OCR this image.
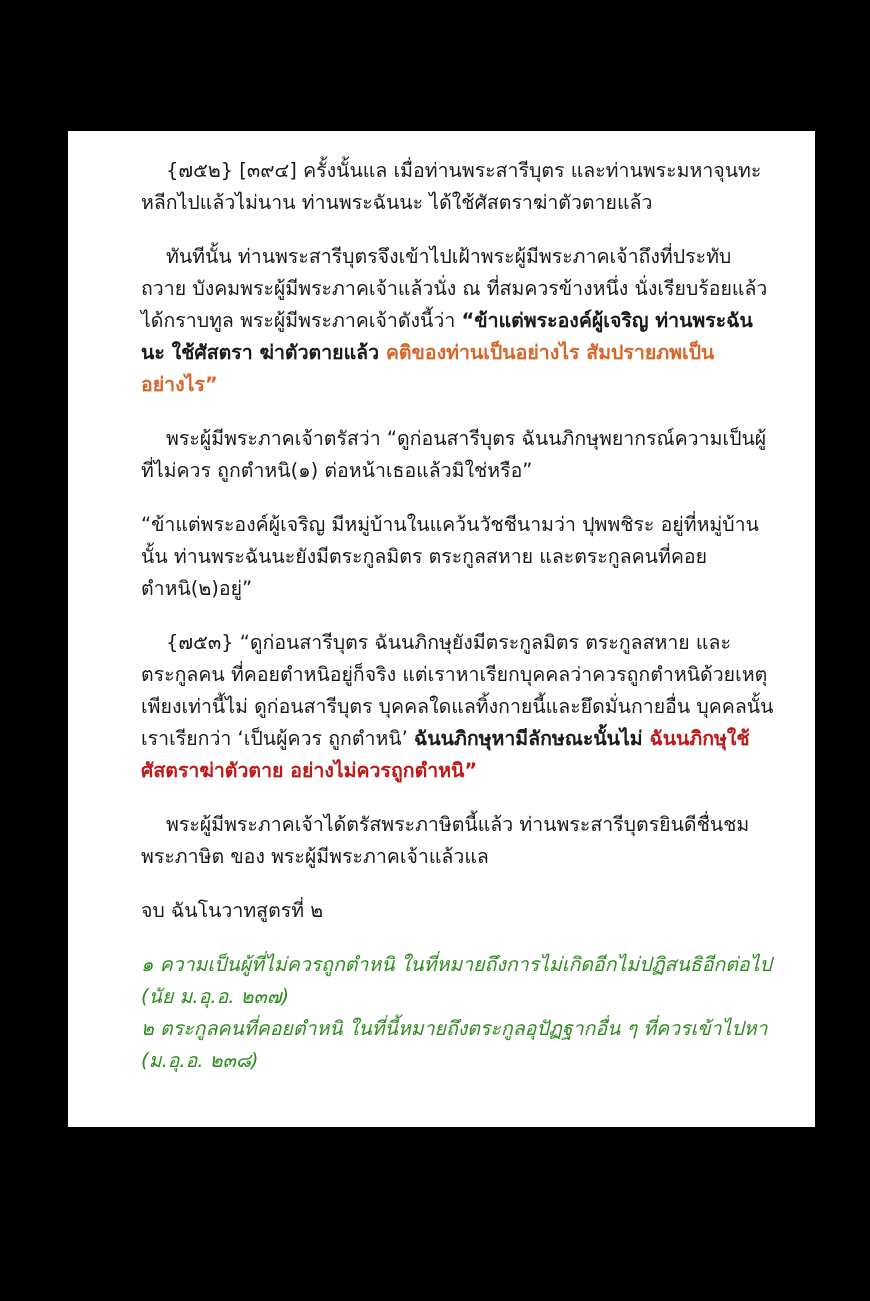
{๗๕๒} [๓๙๔] ครั้งนั้นแล เมื่อท่านพระสารีบุตร และท่านพระมหาจุนทะหลีกไปแล้วไม่นาน ท่านพระฉันนะ ได้ใช้ศัสตราฆ่าตัวตายแล้ว

ทันทีนั้น ท่านพระสารีบุตรจึงเข้าไปเฝ้าพระผู้มีพระภาคเจ้าถึงที่ประทับ ถวาย บังคมพระผู้มีพระภาคเจ้าแล้วนั่ง ณ ที่สมควรข้างหนึ่ง นั่งเรียบร้อยแล้ว ได้กราบทูล พระผู้มีพระภาคเจ้าดังนี้ว่า “ข้าแต่พระองค์ผู้เจริญ ท่านพระฉันนะ ใช้ศัสตรา ฆ่าตัวตายแล้ว คติของท่านเป็นอย่างไร สัมปรายภพเป็นอย่างไร”

พระผู้มีพระภาคเจ้าตรัสว่า “ดูก่อนสารีบุตร ฉันนภิกษุพยากรณ์ความเป็นผู้ที่ไม่ควร ถูกตำหนิ(๑) ต่อหน้าเธอแล้วมิใช่หรือ”

“ข้าแต่พระองค์ผู้เจริญ มีหมู่บ้านในแคว้นวัชชีนามว่า ปุพพชิระ อยู่ที่หมู่บ้านนั้น ท่านพระฉันนะยังมีตระกูลมิตร ตระกูลสหาย และตระกูลคนที่คอยตำหนิ(๒)อยู่”

{๗๕๓} “ดูก่อนสารีบุตร ฉันนภิกษุยังมีตระกูลมิตร ตระกูลสหาย และตระกูลคน ที่คอยตำหนิอยู่ก็จริง แต่เราหาเรียกบุคคลว่าควรถูกตำหนิด้วยเหตุเพียงเท่านี้ไม่ ดูก่อนสารีบุตร บุคคลใดแลทิ้งกายนี้และยึดมั่นกายอื่น บุคคลนั้นเราเรียกว่า ‘เป็นผู้ควร ถูกตำหนิ’ ฉันนภิกษุหามีลักษณะนั้นไม่ ฉันนภิกษุใช้ศัสตราฆ่าตัวตาย อย่างไม่ควรถูกตำหนิ”

พระผู้มีพระภาคเจ้าได้ตรัสพระภาษิตนี้แล้ว ท่านพระสารีบุตรยินดีชื่นชมพระภาษิต ของ พระผู้มีพระภาคเจ้าแล้วแล

จบ ฉันโนวาทสูตรที่ ๒

๑ ความเป็นผู้ที่ไม่ควรถูกตำหนิ ในที่หมายถึงการไม่เกิดอีกไม่ปฏิสนธิอีกต่อไป (นัย ม.อุ.อ. ๒๓๗)
๒ ตระกูลคนที่คอยตำหนิ ในที่นี้หมายถึงตระกูลอุปัฏฐากอื่น ๆ ที่ควรเข้าไปหา (ม.อุ.อ. ๒๓๘)
